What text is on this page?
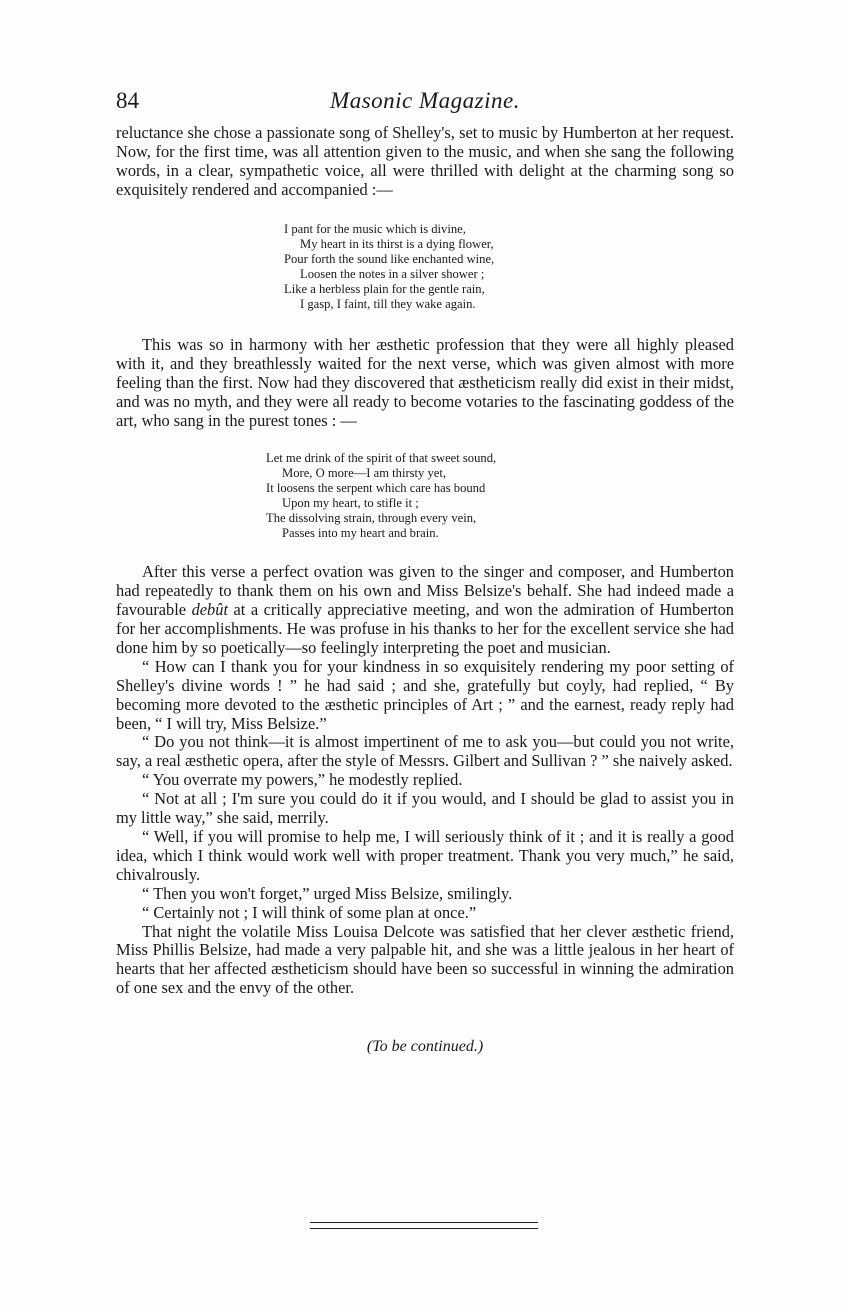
84	Masonic Magazine.

reluctance she chose a passionate song of Shelley's, set to music by Humberton at her request. Now, for the first time, was all attention given to the music, and when she sang the following words, in a clear, sympathetic voice, all were thrilled with delight at the charming song so exquisitely rendered and accompanied :—

I pant for the music which is divine,
My heart in its thirst is a dying flower,
Pour forth the sound like enchanted wine,
Loosen the notes in a silver shower ;
Like a herbless plain for the gentle rain,
I gasp, I faint, till they wake again.

This was so in harmony with her æsthetic profession that they were all highly pleased with it, and they breathlessly waited for the next verse, which was given almost with more feeling than the first. Now had they discovered that æstheticism really did exist in their midst, and was no myth, and they were all ready to become votaries to the fascinating goddess of the art, who sang in the purest tones : —

Let me drink of the spirit of that sweet sound,
More, O more—I am thirsty yet,
It loosens the serpent which care has bound
Upon my heart, to stifle it ;
The dissolving strain, through every vein,
Passes into my heart and brain.

After this verse a perfect ovation was given to the singer and composer, and Humberton had repeatedly to thank them on his own and Miss Belsize's behalf. She had indeed made a favourable debût at a critically appreciative meeting, and won the admiration of Humberton for her accomplishments. He was profuse in his thanks to her for the excellent service she had done him by so poetically—so feelingly interpreting the poet and musician.

“ How can I thank you for your kindness in so exquisitely rendering my poor setting of Shelley's divine words ! ” he had said ; and she, gratefully but coyly, had replied, “ By becoming more devoted to the æsthetic principles of Art ; ” and the earnest, ready reply had been, “ I will try, Miss Belsize.”

“ Do you not think—it is almost impertinent of me to ask you—but could you not write, say, a real æsthetic opera, after the style of Messrs. Gilbert and Sullivan ? ” she naively asked.

“ You overrate my powers,” he modestly replied.

“ Not at all ; I'm sure you could do it if you would, and I should be glad to assist you in my little way,” she said, merrily.

“ Well, if you will promise to help me, I will seriously think of it ; and it is really a good idea, which I think would work well with proper treatment. Thank you very much,” he said, chivalrously.

“ Then you won't forget,” urged Miss Belsize, smilingly.

“ Certainly not ; I will think of some plan at once.”

That night the volatile Miss Louisa Delcote was satisfied that her clever æsthetic friend, Miss Phillis Belsize, had made a very palpable hit, and she was a little jealous in her heart of hearts that her affected æstheticism should have been so successful in winning the admiration of one sex and the envy of the other.

(To be continued.)
